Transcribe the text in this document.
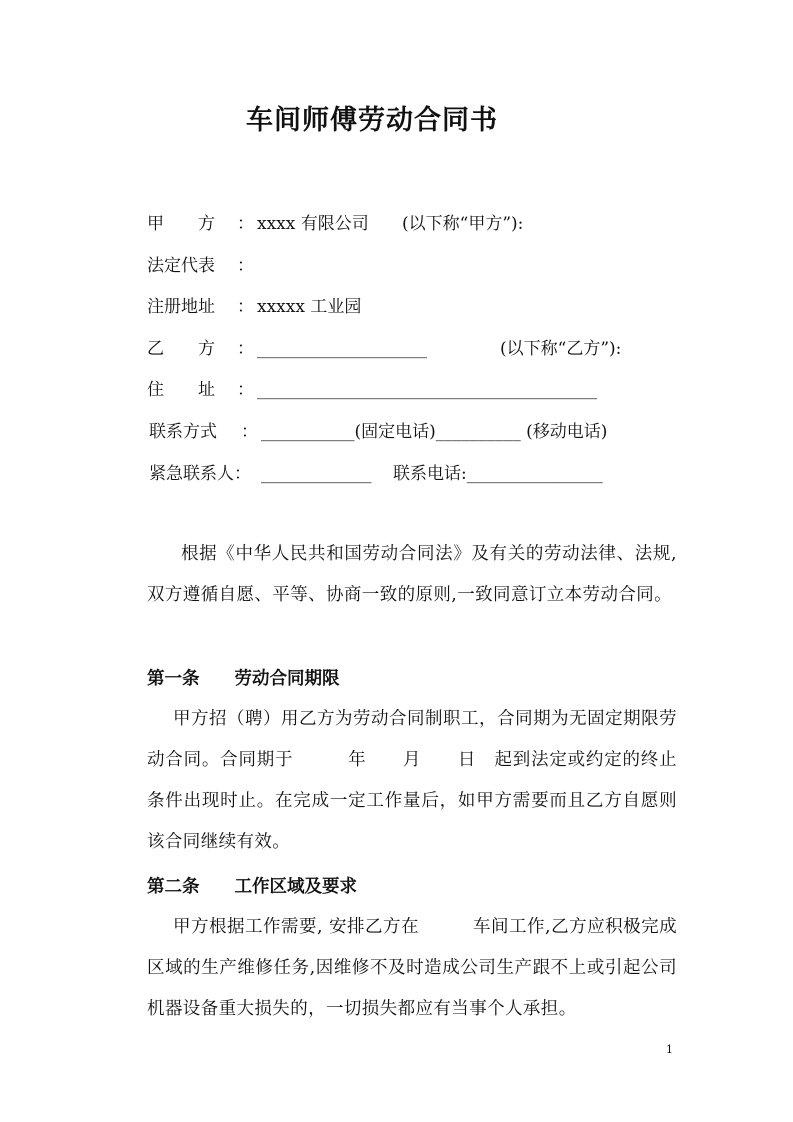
车间师傅劳动合同书
甲　　方 ： xxxx 有限公司 (以下称“甲方”):
法定代表 ：
注册地址 ： xxxxx 工业园
乙　　方 ： ____________________	(以下称“乙方”):
住　　址 ： ________________________________________
联系方式 ： ___________(固定电话)__________ (移动电话)
紧急联系人： _____________ 联系电话:________________
根据《中华人民共和国劳动合同法》及有关的劳动法律、法规, 双方遵循自愿、平等、协商一致的原则,一致同意订立本劳动合同。
第一条　　劳动合同期限
甲方招（聘）用乙方为劳动合同制职工，合同期为无固定期限劳动合同。合同期于　　　年　　月　　日　起到法定或约定的终止条件出现时止。在完成一定工作量后，如甲方需要而且乙方自愿则该合同继续有效。
第二条　　工作区域及要求
甲方根据工作需要, 安排乙方在　　　车间工作,乙方应积极完成区域的生产维修任务,因维修不及时造成公司生产跟不上或引起公司机器设备重大损失的，一切损失都应有当事个人承担。
1
